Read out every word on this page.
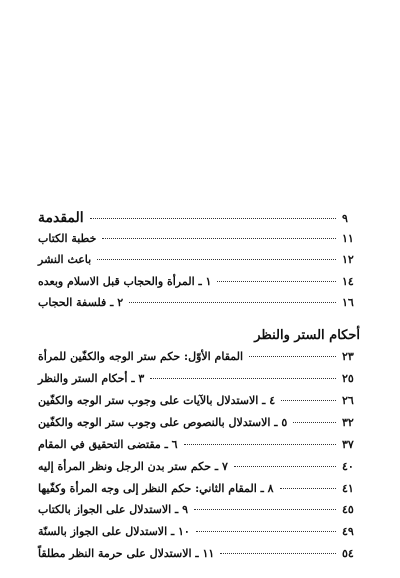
المقدمة	٩
خطبة الكتاب	١١
باعث النشر	١٢
١ ـ المرأة والحجاب قبل الاسلام وبعده	١٤
٢ ـ فلسفة الحجاب	١٦
أحكام الستر والنظر
المقام الأوّل: حكم ستر الوجه والكفّين للمرأة	٢٣
٣ ـ أحكام الستر والنظر	٢٥
٤ ـ الاستدلال بالآيات على وجوب ستر الوجه والكفّين	٢٦
٥ ـ الاستدلال بالنصوص على وجوب ستر الوجه والكفّين	٣٢
٦ ـ مقتضى التحقيق في المقام	٣٧
٧ ـ حكم ستر بدن الرجل ونظر المرأة إليه	٤٠
٨ ـ المقام الثاني: حكم النظر إلى وجه المرأة وكفّيها	٤١
٩ ـ الاستدلال على الجواز بالكتاب	٤٥
١٠ ـ الاستدلال على الجواز بالسنّة	٤٩
١١ ـ الاستدلال على حرمة النظر مطلقاً	٥٤
